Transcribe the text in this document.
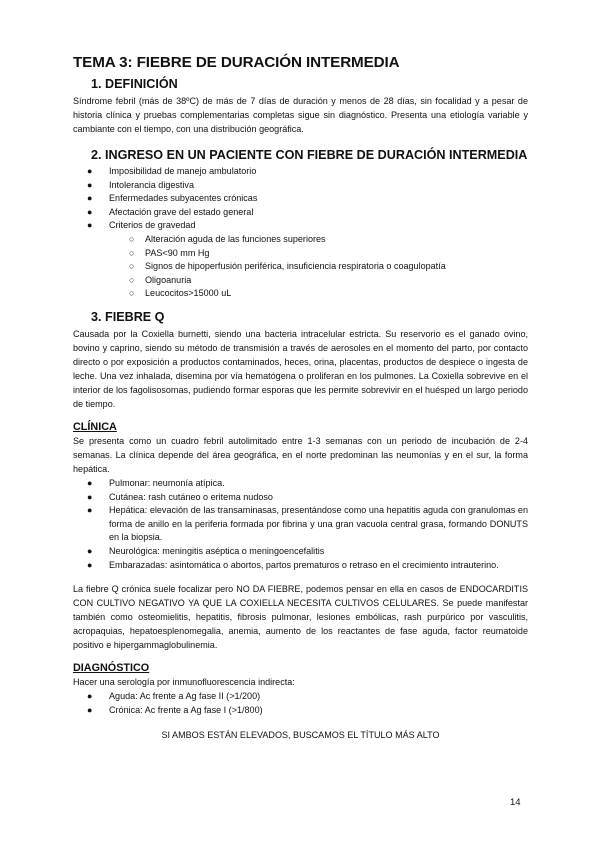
TEMA 3: FIEBRE DE DURACIÓN INTERMEDIA
1. DEFINICIÓN

Síndrome febril (más de 38ºC) de más de 7 días de duración y menos de 28 días, sin focalidad y a pesar de historia clínica y pruebas complementarias completas sigue sin diagnóstico. Presenta una etiología variable y cambiante con el tiempo, con una distribución geográfica.

2. INGRESO EN UN PACIENTE CON FIEBRE DE DURACIÓN INTERMEDIA
● Imposibilidad de manejo ambulatorio
● Intolerancia digestiva
● Enfermedades subyacentes crónicas
● Afectación grave del estado general
● Criterios de gravedad
○ Alteración aguda de las funciones superiores
○ PAS<90 mm Hg
○ Signos de hipoperfusión periférica, insuficiencia respiratoria o coagulopatía
○ Oligoanuria
○ Leucocitos>15000 uL
3. FIEBRE Q

Causada por la Coxiella burnetti, siendo una bacteria intracelular estricta. Su reservorio es el ganado ovino, bovino y caprino, siendo su método de transmisión a través de aerosoles en el momento del parto, por contacto directo o por exposición a productos contaminados, heces, orina, placentas, productos de despiece o ingesta de leche. Una vez inhalada, disemina por vía hematógena o proliferan en los pulmones. La Coxiella sobrevive en el interior de los fagolisosomas, pudiendo formar esporas que les permite sobrevivir en el huésped un largo periodo de tiempo.

CLÍNICA

Se presenta como un cuadro febril autolimitado entre 1-3 semanas con un periodo de incubación de 2-4 semanas. La clínica depende del área geográfica, en el norte predominan las neumonías y en el sur, la forma hepática.

● Pulmonar: neumonía atípica.
● Cutánea: rash cutáneo o eritema nudoso
● Hepática: elevación de las transaminasas, presentándose como una hepatitis aguda con granulomas en forma de anillo en la periferia formada por fibrina y una gran vacuola central grasa, formando DONUTS en la biopsia.
● Neurológica: meningitis aséptica o meningoencefalitis
● Embarazadas: asintomática o abortos, partos prematuros o retraso en el crecimiento intrauterino.

La fiebre Q crónica suele focalizar pero NO DA FIEBRE, podemos pensar en ella en casos de ENDOCARDITIS CON CULTIVO NEGATIVO YA QUE LA COXIELLA NECESITA CULTIVOS CELULARES. Se puede manifestar también como osteomielitis, hepatitis, fibrosis pulmonar, lesiones embólicas, rash purpúrico por vasculitis, acropaquias, hepatoesplenomegalia, anemia, aumento de los reactantes de fase aguda, factor reumatoide positivo e hipergammaglobulinemia.

DIAGNÓSTICO

Hacer una serología por inmunofluorescencia indirecta:

● Aguda: Ac frente a Ag fase II (>1/200)
● Crónica: Ac frente a Ag fase I (>1/800)
SI AMBOS ESTÁN ELEVADOS, BUSCAMOS EL TÍTULO MÁS ALTO
14
